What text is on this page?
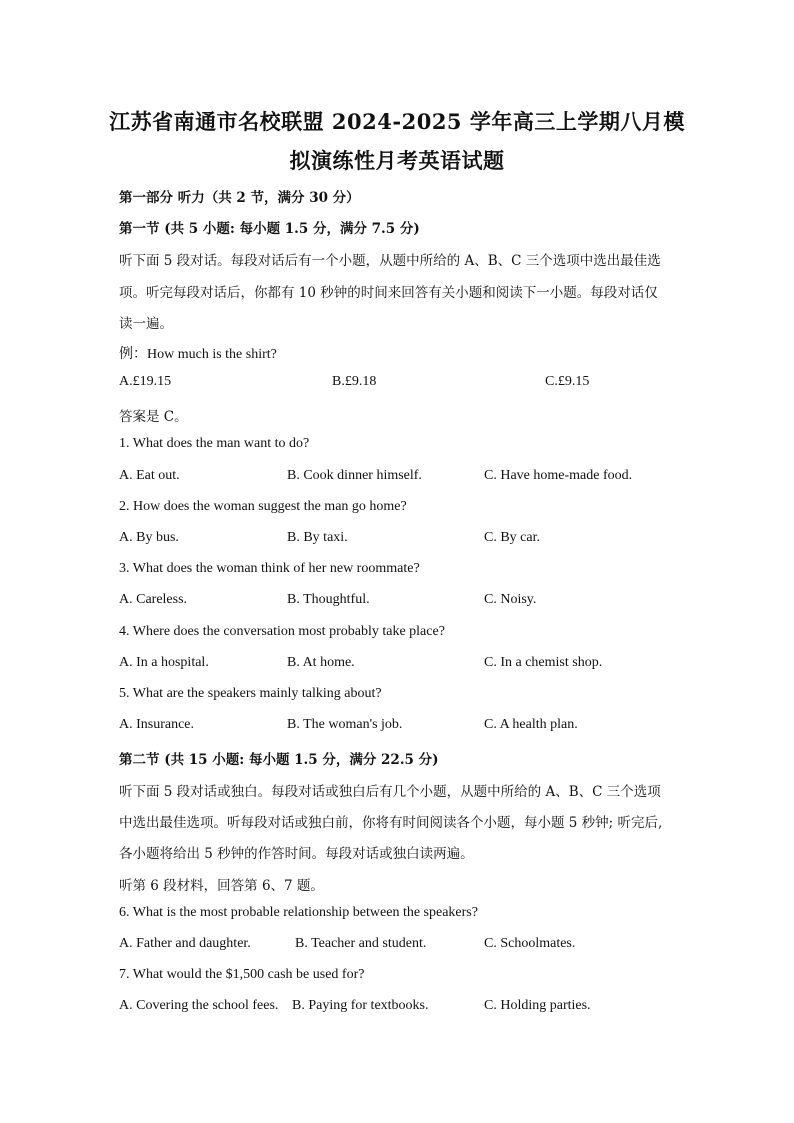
江苏省南通市名校联盟 2024-2025 学年高三上学期八月模
拟演练性月考英语试题
第一部分 听力（共 2 节，满分 30 分）
第一节 (共 5 小题: 每小题 1.5 分，满分 7.5 分)
听下面 5 段对话。每段对话后有一个小题，从题中所给的 A、B、C 三个选项中选出最佳选
项。听完每段对话后，你都有 10 秒钟的时间来回答有关小题和阅读下一小题。每段对话仅
读一遍。
例：How much is the shirt?
A.£19.15	B.£9.18	C.£9.15
答案是 C。
1. What does the man want to do?
A. Eat out.	B. Cook dinner himself.	C. Have home-made food.
2. How does the woman suggest the man go home?
A. By bus.	B. By taxi.	C. By car.
3. What does the woman think of her new roommate?
A. Careless.	B. Thoughtful.	C. Noisy.
4. Where does the conversation most probably take place?
A. In a hospital.	B. At home.	C. In a chemist shop.
5. What are the speakers mainly talking about?
A. Insurance.	B. The woman's job.	C. A health plan.
第二节 (共 15 小题: 每小题 1.5 分，满分 22.5 分)
听下面 5 段对话或独白。每段对话或独白后有几个小题，从题中所给的 A、B、C 三个选项
中选出最佳选项。听每段对话或独白前，你将有时间阅读各个小题，每小题 5 秒钟; 听完后,
各小题将给出 5 秒钟的作答时间。每段对话或独白读两遍。
听第 6 段材料，回答第 6、7 题。
6. What is the most probable relationship between the speakers?
A. Father and daughter.	B. Teacher and student.	C. Schoolmates.
7. What would the $1,500 cash be used for?
A. Covering the school fees. B. Paying for textbooks.	C. Holding parties.
